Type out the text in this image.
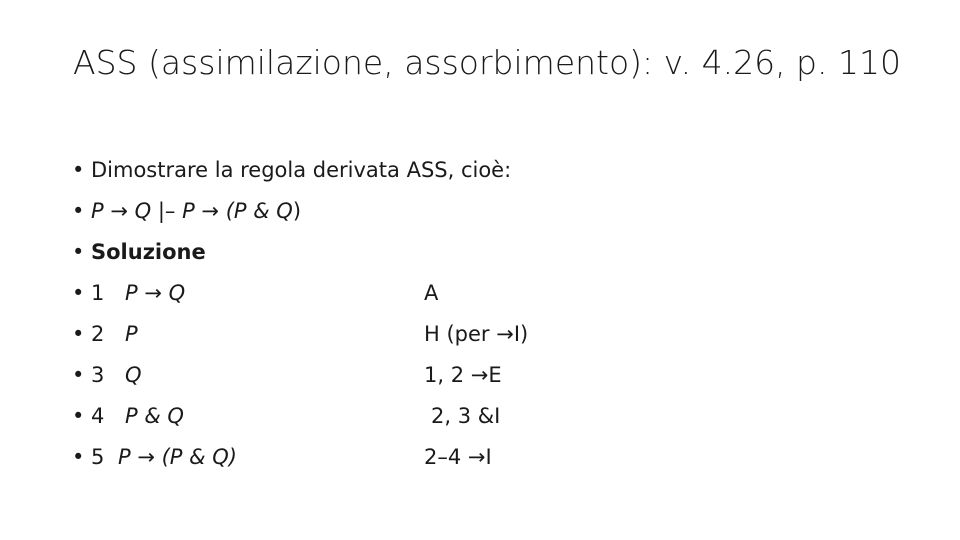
ASS (assimilazione, assorbimento): v. 4.26, p. 110
• Dimostrare la regola derivata ASS, cioè:
• P → Q |– P → (P & Q)
• Soluzione
• 1 P → Q	A
• 2 P	H (per →I)
• 3 Q	1, 2 →E
• 4 P & Q	2, 3 &I
• 5 P → (P & Q)	2–4 →I
